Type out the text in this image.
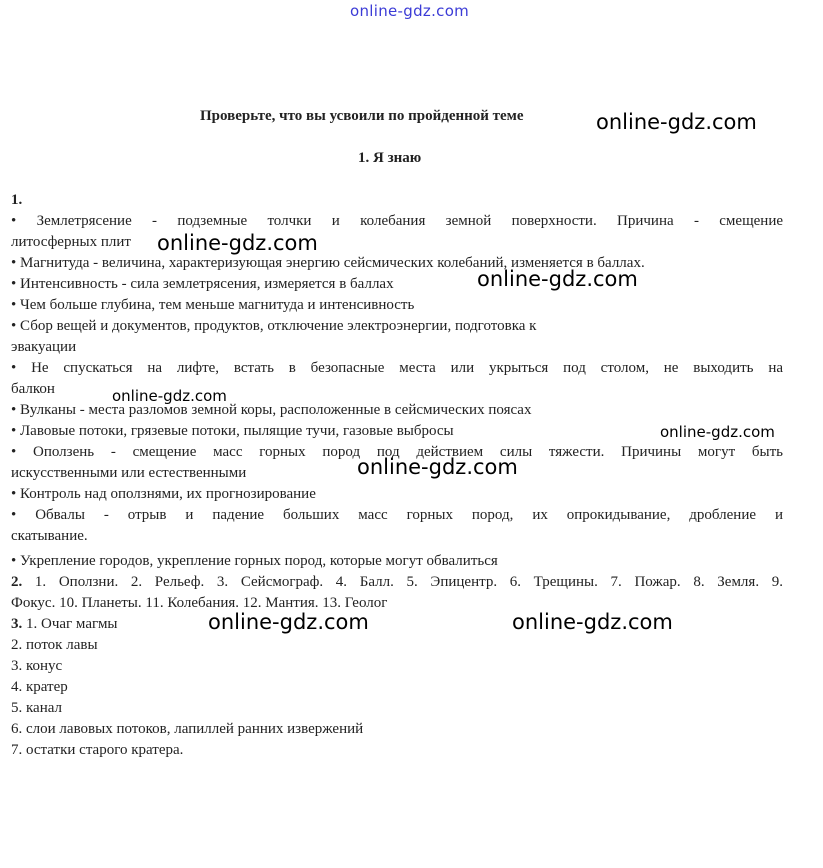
online-gdz.com
Проверьте, что вы усвоили по пройденной теме
1. Я знаю
1.
• Землетрясение - подземные толчки и колебания земной поверхности. Причина - смещение
литосферных плит
• Магнитуда - величина, характеризующая энергию сейсмических колебаний, изменяется в баллах.
• Интенсивность - сила землетрясения, измеряется в баллах
• Чем больше глубина, тем меньше магнитуда и интенсивность
• Сбор вещей и документов, продуктов, отключение электроэнергии, подготовка к
эвакуации
• Не спускаться на лифте, встать в безопасные места или укрыться под столом, не выходить на
балкон
• Вулканы - места разломов земной коры, расположенные в сейсмических поясах
• Лавовые потоки, грязевые потоки, пылящие тучи, газовые выбросы
• Оползень - смещение масс горных пород под действием силы тяжести. Причины могут быть
искусственными или естественными
• Контроль над оползнями, их прогнозирование
• Обвалы - отрыв и падение больших масс горных пород, их опрокидывание, дробление и
скатывание.
• Укрепление городов, укрепление горных пород, которые могут обвалиться
2. 1. Оползни. 2. Рельеф. 3. Сейсмограф. 4. Балл. 5. Эпицентр. 6. Трещины. 7. Пожар. 8. Земля. 9.
Фокус. 10. Планеты. 11. Колебания. 12. Мантия. 13. Геолог
3. 1. Очаг магмы
2. поток лавы
3. конус
4. кратер
5. канал
6. слои лавовых потоков, лапиллей ранних извержений
7. остатки старого кратера.
online-gdz.com
online-gdz.com
online-gdz.com
online-gdz.com
online-gdz.com
online-gdz.com
online-gdz.com	online-gdz.com
